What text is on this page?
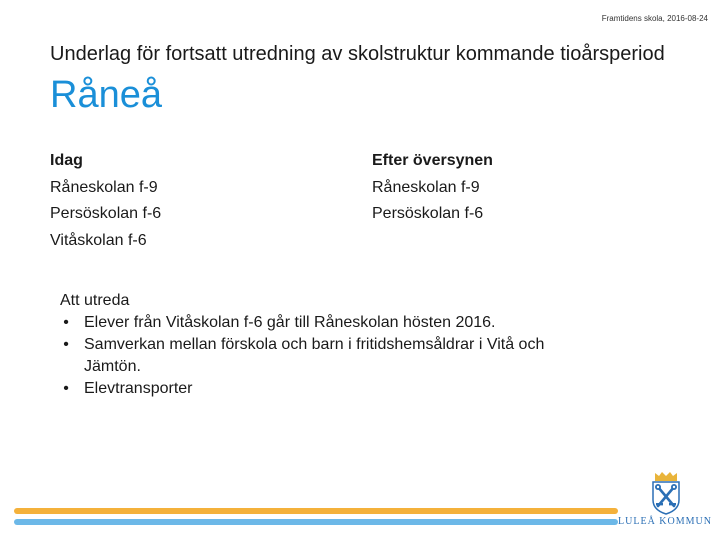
Framtidens skola, 2016-08-24
Underlag för fortsatt utredning av skolstruktur kommande tioårsperiod
Råneå
Idag
Råneskolan f-9
Persöskolan f-6
Vitåskolan f-6
Efter översynen
Råneskolan f-9
Persöskolan f-6
Att utreda
• Elever från Vitåskolan f-6 går till Råneskolan hösten 2016.
• Samverkan mellan förskola och barn i fritidshemsåldrar i Vitå och Jämtön.
• Elevtransporter
LULEÅ KOMMUN
